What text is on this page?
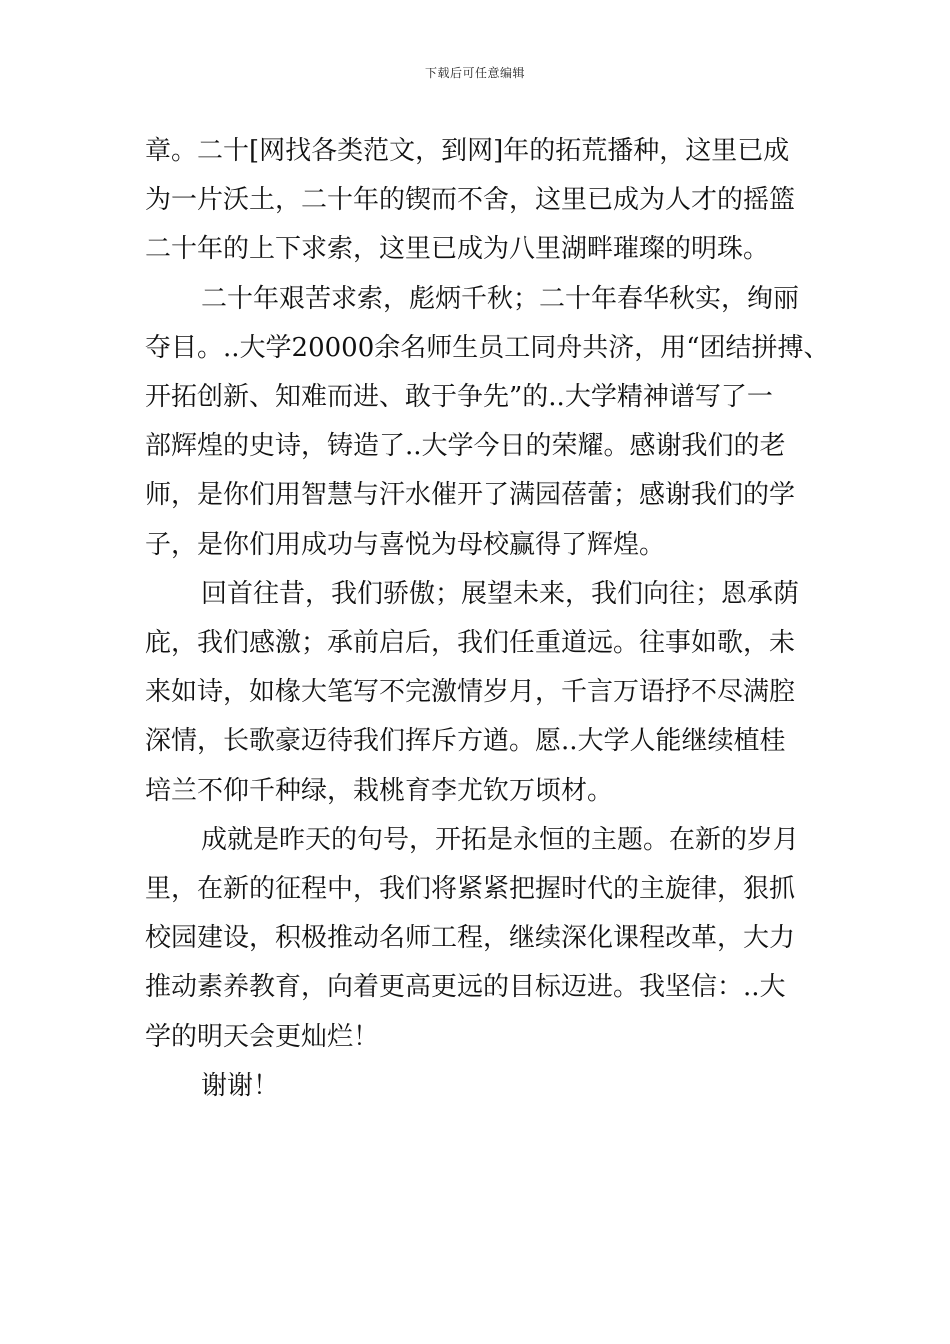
下载后可任意编辑
章。二十[网找各类范文，到网]年的拓荒播种，这里已成
为一片沃土，二十年的锲而不舍，这里已成为人才的摇篮
二十年的上下求索，这里已成为八里湖畔璀璨的明珠。
二十年艰苦求索，彪炳千秋；二十年春华秋实，绚丽
夺目。..大学20000余名师生员工同舟共济，用“团结拼搏、
开拓创新、知难而进、敢于争先”的..大学精神谱写了一
部辉煌的史诗，铸造了..大学今日的荣耀。感谢我们的老
师，是你们用智慧与汗水催开了满园蓓蕾；感谢我们的学
子，是你们用成功与喜悦为母校赢得了辉煌。
回首往昔，我们骄傲；展望未来，我们向往；恩承荫
庇，我们感激；承前启后，我们任重道远。往事如歌，未
来如诗，如椽大笔写不完激情岁月，千言万语抒不尽满腔
深情，长歌豪迈待我们挥斥方遒。愿..大学人能继续植桂
培兰不仰千种绿，栽桃育李尤钦万顷材。
成就是昨天的句号，开拓是永恒的主题。在新的岁月
里，在新的征程中，我们将紧紧把握时代的主旋律，狠抓
校园建设，积极推动名师工程，继续深化课程改革，大力
推动素养教育，向着更高更远的目标迈进。我坚信：..大
学的明天会更灿烂！
谢谢！
